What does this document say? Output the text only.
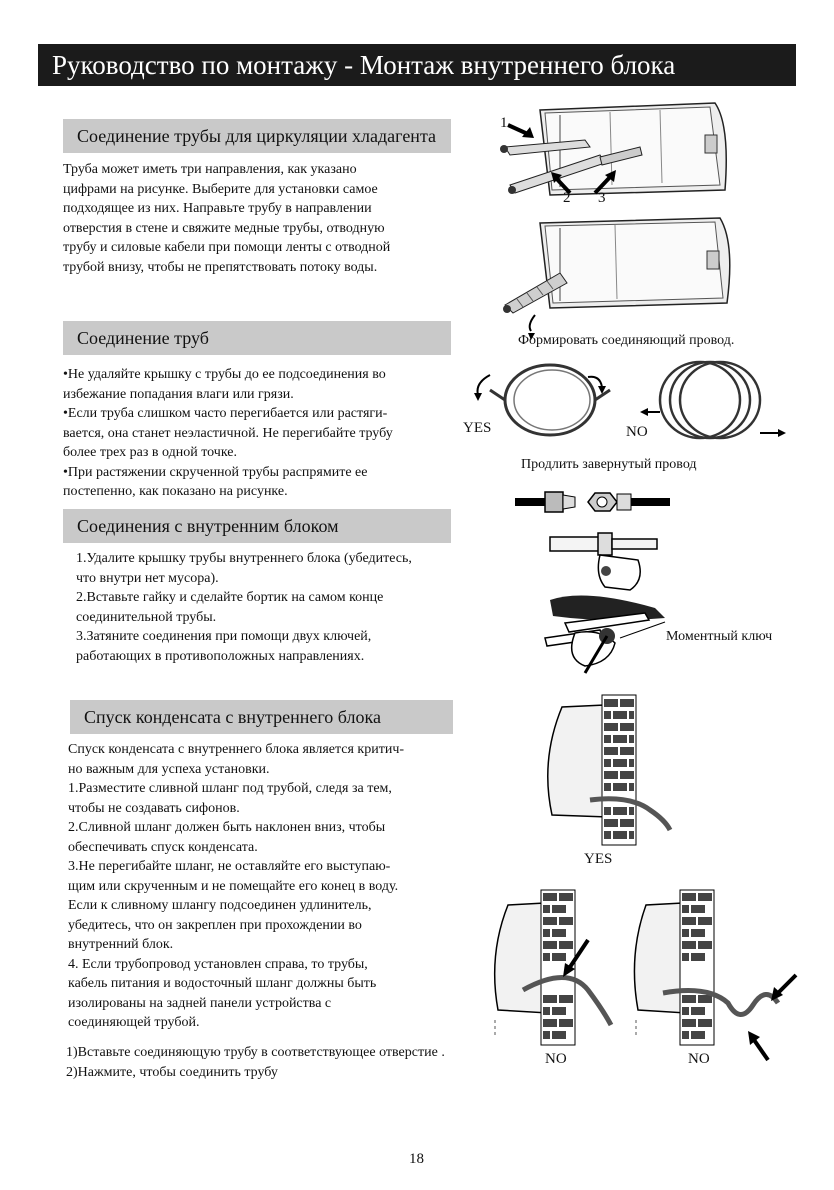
Руководство по монтажу - Монтаж внутреннего блока
Соединение трубы для циркуляции хладагента
Труба может иметь три направления, как указано
цифрами на рисунке. Выберите для установки самое
подходящее из них. Направьте трубу в направлении
отверстия в стене и свяжите медные трубы, отводную
трубу и силовые кабели при помощи ленты с отводной
трубой внизу, чтобы не препятствовать потоку воды.
Соединение труб
•Не удаляйте крышку с трубы до ее подсоединения во
избежание попадания влаги или грязи.
•Если труба слишком часто перегибается или растяги-
вается, она станет неэластичной. Не перегибайте трубу
более трех раз в одной точке.
•При растяжении скрученной трубы распрямите ее
постепенно, как показано на рисунке.
Соединения с внутренним блоком
1.Удалите крышку трубы внутреннего блока (убедитесь,
что внутри нет мусора).
2.Вставьте гайку и сделайте бортик на самом конце
соединительной трубы.
3.Затяните соединения при помощи двух ключей,
работающих в противоположных направлениях.
Спуск конденсата с внутреннего блока
Спуск конденсата с внутреннего блока является критич-
но важным для успеха установки.
1.Разместите сливной шланг под трубой, следя за тем,
чтобы не создавать сифонов.
2.Сливной шланг должен быть наклонен вниз, чтобы
обеспечивать спуск конденсата.
3.Не перегибайте шланг, не оставляйте его выступаю-
щим или скрученным и не помещайте его конец в воду.
Если к сливному шлангу подсоединен удлинитель,
убедитесь, что он закреплен при прохождении во
внутренний блок.
4. Если трубопровод установлен справа, то трубы,
кабель питания и водосточный шланг должны быть
изолированы на задней панели устройства с
соединяющей трубой.
1)Вставьте соединяющую трубу в соответствующее отверстие .
2)Нажмите, чтобы соединить трубу
1
2 3
Формировать соединяющий провод.
YES	NO
Продлить завернутый провод
Моментный ключ
YES
NO	NO
18
